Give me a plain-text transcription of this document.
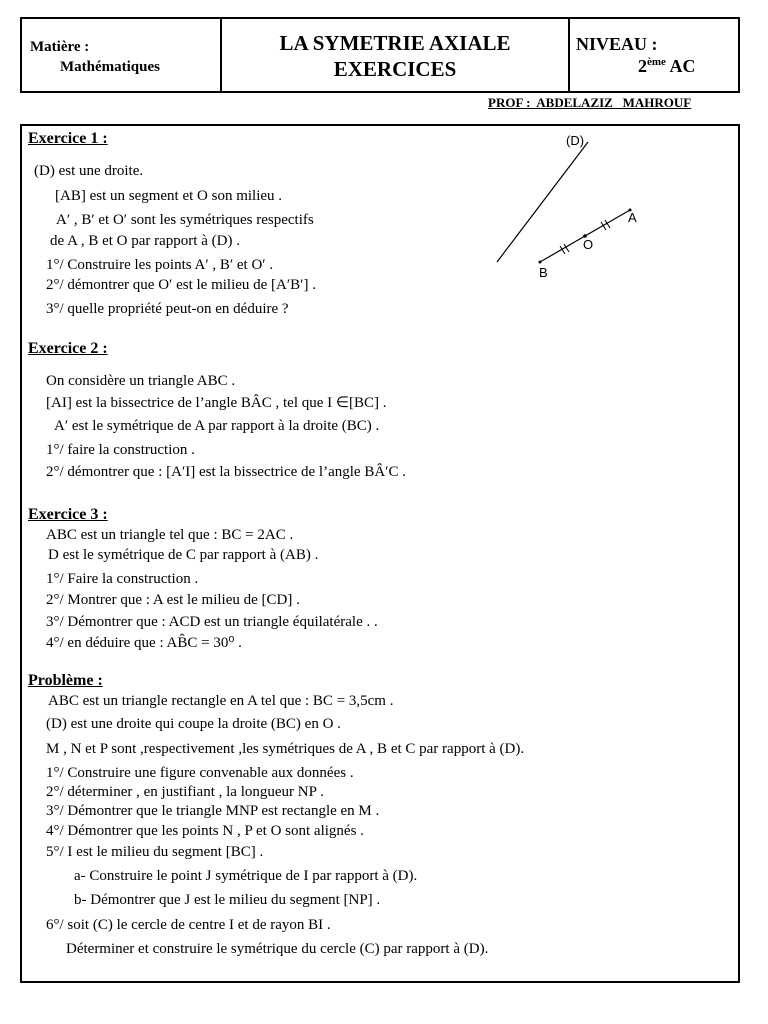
Matière :
Mathématiques
LA SYMETRIE AXIALE
EXERCICES
NIVEAU :
2ème AC
PROF :  ABDELAZIZ   MAHROUF
Exercice 1 :
(D) est une droite.
[AB] est un segment et O son milieu .
A′ , B′ et O′ sont les symétriques respectifs
de A , B et O par rapport à (D) .
1°/ Construire les points A′ , B′ et O′ .
2°/ démontrer que O′ est le milieu de [A′B′] .
3°/ quelle propriété peut-on en déduire ?
(D)
A
O
B
Exercice 2 :
On considère un triangle ABC .
[AI] est la bissectrice de l’angle BÂC , tel que I ∈[BC] .
A′ est le symétrique de A par rapport à la droite (BC) .
1°/ faire la construction .
2°/ démontrer que : [A′I] est la bissectrice de l’angle BÂ′C .
Exercice 3 :
ABC est un triangle tel que : BC = 2AC .
D est le symétrique de C par rapport à (AB) .
1°/ Faire la construction .
2°/ Montrer que : A est le milieu de [CD] .
3°/ Démontrer que : ACD est un triangle équilatérale . .
4°/ en déduire que : AB̂C = 30⁰ .
Problème :
ABC est un triangle rectangle en A tel que : BC = 3,5cm .
(D) est une droite qui coupe la droite (BC) en O .
M , N et P sont ,respectivement ,les symétriques de A , B et C par rapport à (D).
1°/ Construire une figure convenable aux données .
2°/ déterminer , en justifiant , la longueur NP .
3°/ Démontrer que le triangle MNP est rectangle en M .
4°/ Démontrer que les points N , P et O sont alignés .
5°/ I est le milieu du segment [BC] .
a- Construire le point J symétrique de I par rapport à (D).
b- Démontrer que J est le milieu du segment [NP] .
6°/ soit (C) le cercle de centre I et de rayon BI .
Déterminer et construire le symétrique du cercle (C) par rapport à (D).
